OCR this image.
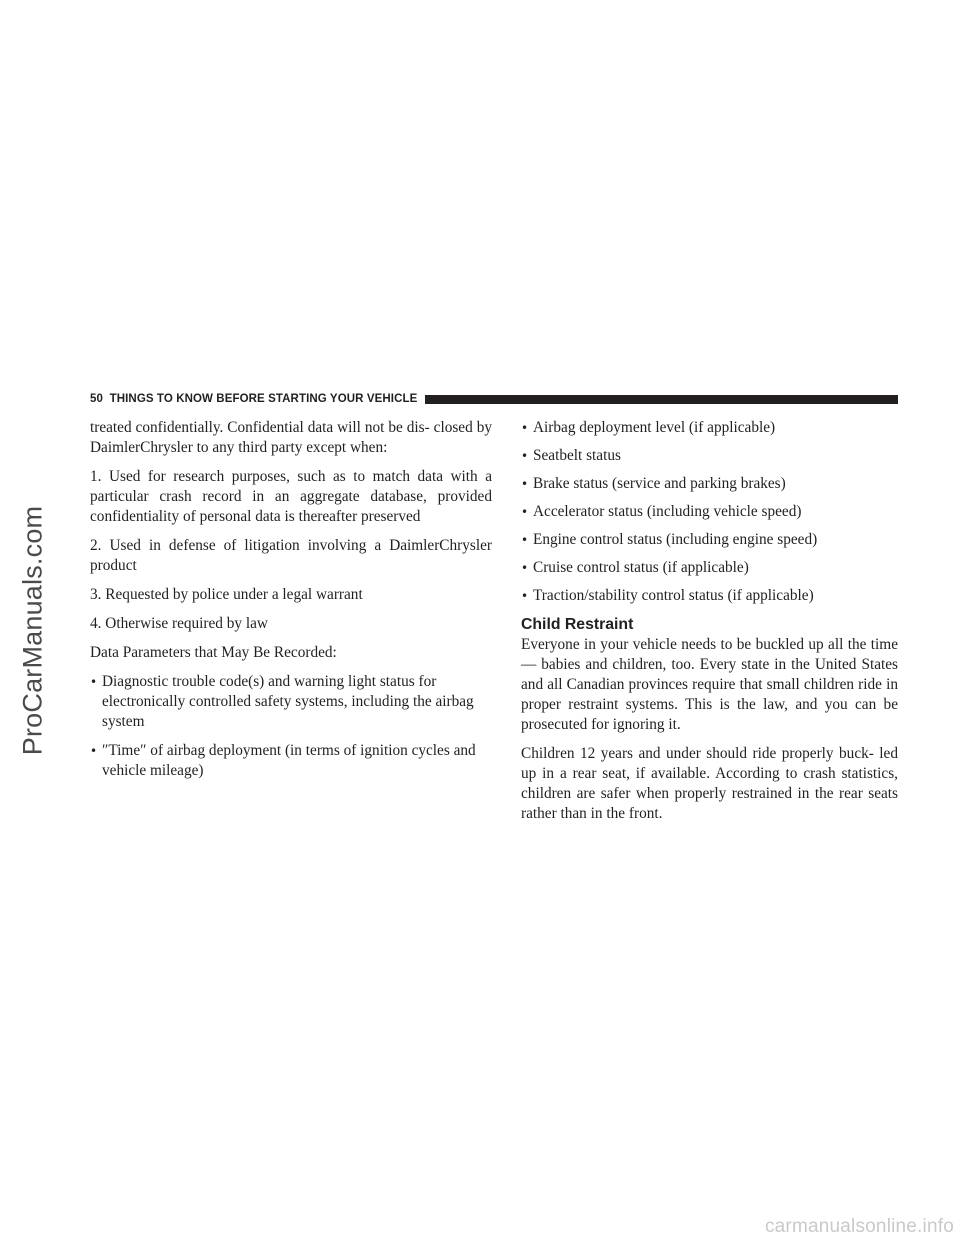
ProCarManuals.com
50 THINGS TO KNOW BEFORE STARTING YOUR VEHICLE

treated confidentially. Confidential data will not be dis- closed by DaimlerChrysler to any third party except when:

1. Used for research purposes, such as to match data with a particular crash record in an aggregate database, provided confidentiality of personal data is thereafter preserved

2. Used in defense of litigation involving a DaimlerChrysler product

3. Requested by police under a legal warrant

4. Otherwise required by law

Data Parameters that May Be Recorded:

• Diagnostic trouble code(s) and warning light status for electronically controlled safety systems, including the airbag system
• ″Time″ of airbag deployment (in terms of ignition cycles and vehicle mileage)
• Airbag deployment level (if applicable)
• Seatbelt status
• Brake status (service and parking brakes)
• Accelerator status (including vehicle speed)
• Engine control status (including engine speed)
• Cruise control status (if applicable)
• Traction/stability control status (if applicable)
Child Restraint

Everyone in your vehicle needs to be buckled up all the time — babies and children, too. Every state in the United States and all Canadian provinces require that small children ride in proper restraint systems. This is the law, and you can be prosecuted for ignoring it.

Children 12 years and under should ride properly buck- led up in a rear seat, if available. According to crash statistics, children are safer when properly restrained in the rear seats rather than in the front.

carmanualsonline.info
